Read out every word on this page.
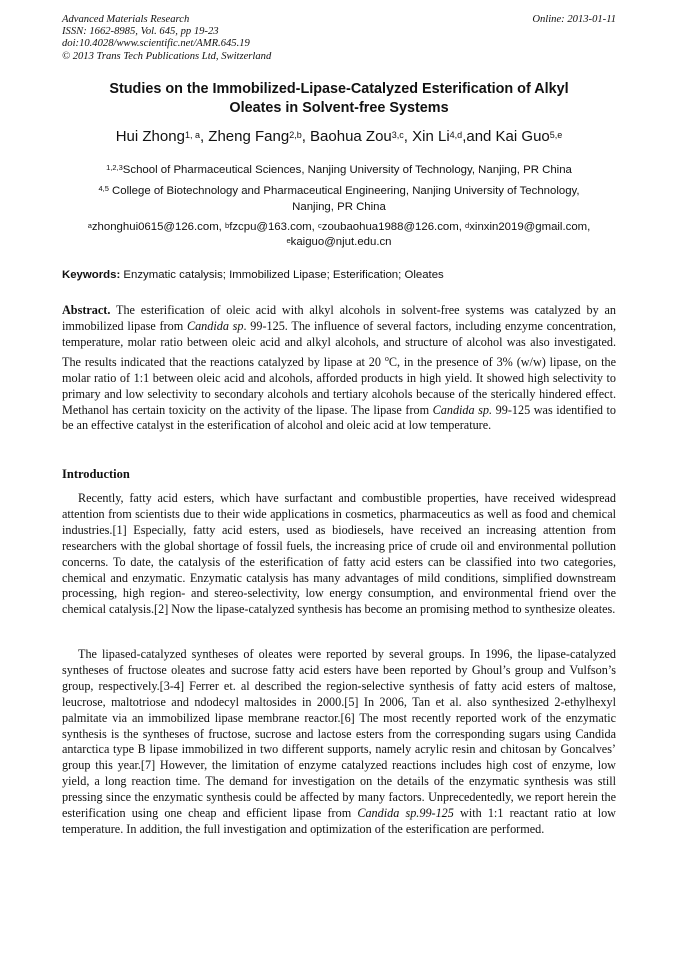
Advanced Materials Research
ISSN: 1662-8985, Vol. 645, pp 19-23
doi:10.4028/www.scientific.net/AMR.645.19
© 2013 Trans Tech Publications Ltd, Switzerland
Online: 2013-01-11
Studies on the Immobilized-Lipase-Catalyzed Esterification of Alkyl
Oleates in Solvent-free Systems
Hui Zhong$^{1, a}$, Zheng Fang$^{2,b}$, Baohua Zou$^{3,c}$, Xin Li$^{4,d}$,and Kai Guo$^{5,e}$
$^{1,2,3}$School of Pharmaceutical Sciences, Nanjing University of Technology, Nanjing, PR China
$^{4,5}$ College of Biotechnology and Pharmaceutical Engineering, Nanjing University of Technology,
Nanjing, PR China
$^a$zhonghui0615@126.com, $^b$fzcpu@163.com, $^c$zoubaohua1988@126.com, $^d$xinxin2019@gmail.com,
$^e$kaiguo@njut.edu.cn
Keywords: Enzymatic catalysis; Immobilized Lipase; Esterification; Oleates
Abstract. The esterification of oleic acid with alkyl alcohols in solvent-free systems was catalyzed by an immobilized lipase from Candida sp. 99-125. The influence of several factors, including enzyme concentration, temperature, molar ratio between oleic acid and alkyl alcohols, and structure of alcohol was also investigated. The results indicated that the reactions catalyzed by lipase at 20 $^o$C, in the presence of 3% (w/w) lipase, on the molar ratio of 1:1 between oleic acid and alcohols, afforded products in high yield. It showed high selectivity to primary and low selectivity to secondary alcohols and tertiary alcohols because of the sterically hindered effect. Methanol has certain toxicity on the activity of the lipase. The lipase from Candida sp. 99-125 was identified to be an effective catalyst in the esterification of alcohol and oleic acid at low temperature.
Introduction
Recently, fatty acid esters, which have surfactant and combustible properties, have received widespread attention from scientists due to their wide applications in cosmetics, pharmaceutics as well as food and chemical industries.[1] Especially, fatty acid esters, used as biodiesels, have received an increasing attention from researchers with the global shortage of fossil fuels, the increasing price of crude oil and environmental pollution concerns. To date, the catalysis of the esterification of fatty acid esters can be classified into two categories, chemical and enzymatic. Enzymatic catalysis has many advantages of mild conditions, simplified downstream processing, high region- and stereo-selectivity, low energy consumption, and environmental friend over the chemical catalysis.[2] Now the lipase-catalyzed synthesis has become an promising method to synthesize oleates.
The lipased-catalyzed syntheses of oleates were reported by several groups. In 1996, the lipase-catalyzed syntheses of fructose oleates and sucrose fatty acid esters have been reported by Ghoul’s group and Vulfson’s group, respectively.[3-4] Ferrer et. al described the region-selective synthesis of fatty acid esters of maltose, leucrose, maltotriose and ndodecyl maltosides in 2000.[5] In 2006, Tan et al. also synthesized 2-ethylhexyl palmitate via an immobilized lipase membrane reactor.[6] The most recently reported work of the enzymatic synthesis is the syntheses of fructose, sucrose and lactose esters from the corresponding sugars using Candida antarctica type B lipase immobilized in two different supports, namely acrylic resin and chitosan by Goncalves’ group this year.[7] However, the limitation of enzyme catalyzed reactions includes high cost of enzyme, low yield, a long reaction time. The demand for investigation on the details of the enzymatic synthesis was still pressing since the enzymatic synthesis could be affected by many factors. Unprecedentedly, we report herein the esterification using one cheap and efficient lipase from Candida sp.99-125 with 1:1 reactant ratio at low temperature. In addition, the full investigation and optimization of the esterification are performed.
